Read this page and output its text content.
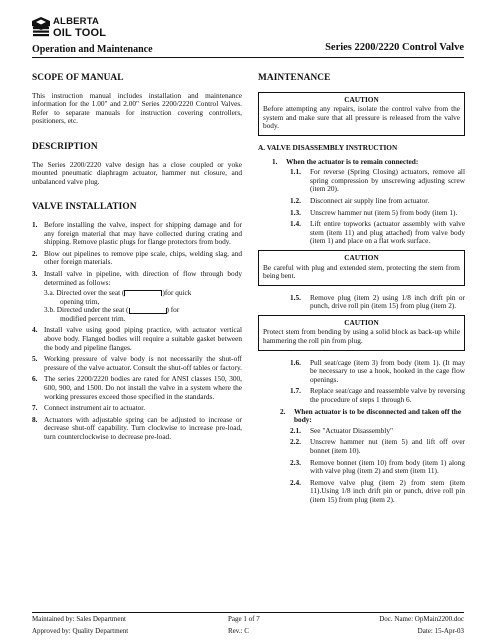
ALBERTA
OIL TOOL
Operation and Maintenance	Series 2200/2220 Control Valve
SCOPE OF MANUAL

This instruction manual includes installation and maintenance information for the 1.00" and 2.00" Series 2200/2220 Control Valves. Refer to separate manuals for instruction covering controllers, positioners, etc.

DESCRIPTION

The Series 2200/2220 valve design has a close coupled or yoke mounted pneumatic diaphragm actuator, hammer nut closure, and unbalanced valve plug.

VALVE INSTALLATION
1. Before installing the valve, inspect for shipping damage and for any foreign material that may have collected during crating and shipping. Remove plastic plugs for flange protectors from body.
2. Blow out pipelines to remove pipe scale, chips, welding slag, and other foreign materials.
3. Install valve in pipeline, with direction of flow through body determined as follows:
3.a. Directed over the seat (	)for quick
opening trim,
3.b. Directed under the seat (	) for
modified percent trim.
4. Install valve using good piping practice, with actuator vertical above body. Flanged bodies will require a suitable gasket between the body and pipeline flanges.
5. Working pressure of valve body is not necessarily the shut-off pressure of the valve actuator. Consult the shut-off tables or factory.
6. The series 2200/2220 bodies are rated for ANSI classes 150, 300, 600, 900, and 1500. Do not install the valve in a system where the working pressures exceed those specified in the standards.
7. Connect instrument air to actuator.
8. Actuators with adjustable spring can be adjusted to increase or decrease shut-off capability. Turn clockwise to increase pre-load, turn counterclockwise to decrease pre-load.
MAINTENANCE
CAUTION
Before attempting any repairs, isolate the control valve from the system and make sure that all pressure is released from the valve body.
A. VALVE DISASSEMBLY INSTRUCTION
1. When the actuator is to remain connected:
1.1. For reverse (Spring Closing) actuators, remove all spring compression by unscrewing adjusting screw (item 20).
1.2. Disconnect air supply line from actuator.
1.3. Unscrew hammer nut (item 5) from body (item 1).
1.4. Lift entire topworks (actuator assembly with valve stem (item 11) and plug attached) from valve body (item 1) and place on a flat work surface.
CAUTION
Be careful with plug and extended stem, protecting the stem from being bent.
1.5. Remove plug (item 2) using 1/8 inch drift pin or punch, drive roll pin (item 15) from plug (item 2).
CAUTION
Protect stem from bending by using a solid block as back-up while hammering the roll pin from plug.
1.6. Pull seat/cage (item 3) from body (item 1). (It may be necessary to use a hook, hooked in the cage flow openings.
1.7. Replace seat/cage and reassemble valve by reversing the procedure of steps 1 through 6.
2. When actuator is to be disconnected and taken off the body:
2.1. See "Actuator Disassembly"
2.2. Unscrew hammer nut (item 5) and lift off over bonnet (item 10).
2.3. Remove bonnet (item 10) from body (item 1) along with valve plug (item 2) and stem (item 11).
2.4. Remove valve plug (item 2) from stem (item 11).Using 1/8 inch drift pin or punch, drive roll pin (item 15) from plug (item 2).
Maintained by: Sales Department	Page 1 of 7	Doc. Name: OpMain2200.doc
Approved by: Quality Department	Rev.: C	Date: 15-Apr-03
